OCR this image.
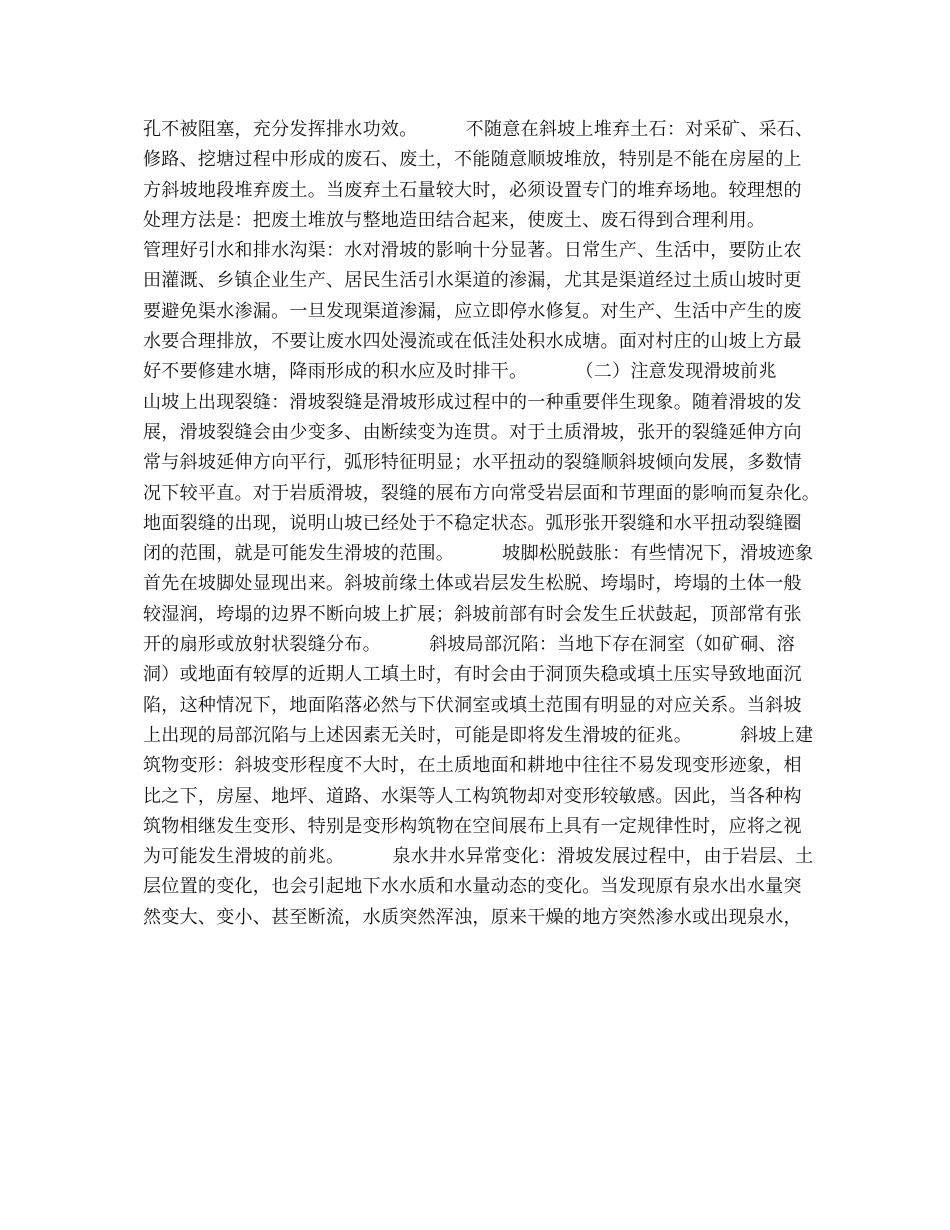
孔不被阻塞，充分发挥排水功效。        不随意在斜坡上堆弃土石：对采矿、采石、
修路、挖塘过程中形成的废石、废土，不能随意顺坡堆放，特别是不能在房屋的上
方斜坡地段堆弃废土。当废弃土石量较大时，必须设置专门的堆弃场地。较理想的
处理方法是：把废土堆放与整地造田结合起来，使废土、废石得到合理利用。
管理好引水和排水沟渠：水对滑坡的影响十分显著。日常生产、生活中，要防止农
田灌溉、乡镇企业生产、居民生活引水渠道的渗漏，尤其是渠道经过土质山坡时更
要避免渠水渗漏。一旦发现渠道渗漏，应立即停水修复。对生产、生活中产生的废
水要合理排放，不要让废水四处漫流或在低洼处积水成塘。面对村庄的山坡上方最
好不要修建水塘，降雨形成的积水应及时排干。        （二）注意发现滑坡前兆
山坡上出现裂缝：滑坡裂缝是滑坡形成过程中的一种重要伴生现象。随着滑坡的发
展，滑坡裂缝会由少变多、由断续变为连贯。对于土质滑坡，张开的裂缝延伸方向
常与斜坡延伸方向平行，弧形特征明显；水平扭动的裂缝顺斜坡倾向发展，多数情
况下较平直。对于岩质滑坡，裂缝的展布方向常受岩层面和节理面的影响而复杂化。
地面裂缝的出现，说明山坡已经处于不稳定状态。弧形张开裂缝和水平扭动裂缝圈
闭的范围，就是可能发生滑坡的范围。        坡脚松脱鼓胀：有些情况下，滑坡迹象
首先在坡脚处显现出来。斜坡前缘土体或岩层发生松脱、垮塌时，垮塌的土体一般
较湿润，垮塌的边界不断向坡上扩展；斜坡前部有时会发生丘状鼓起，顶部常有张
开的扇形或放射状裂缝分布。        斜坡局部沉陷：当地下存在洞室（如矿硐、溶
洞）或地面有较厚的近期人工填土时，有时会由于洞顶失稳或填土压实导致地面沉
陷，这种情况下，地面陷落必然与下伏洞室或填土范围有明显的对应关系。当斜坡
上出现的局部沉陷与上述因素无关时，可能是即将发生滑坡的征兆。        斜坡上建
筑物变形：斜坡变形程度不大时，在土质地面和耕地中往往不易发现变形迹象，相
比之下，房屋、地坪、道路、水渠等人工构筑物却对变形较敏感。因此，当各种构
筑物相继发生变形、特别是变形构筑物在空间展布上具有一定规律性时，应将之视
为可能发生滑坡的前兆。        泉水井水异常变化：滑坡发展过程中，由于岩层、土
层位置的变化，也会引起地下水水质和水量动态的变化。当发现原有泉水出水量突
然变大、变小、甚至断流，水质突然浑浊，原来干燥的地方突然渗水或出现泉水，
